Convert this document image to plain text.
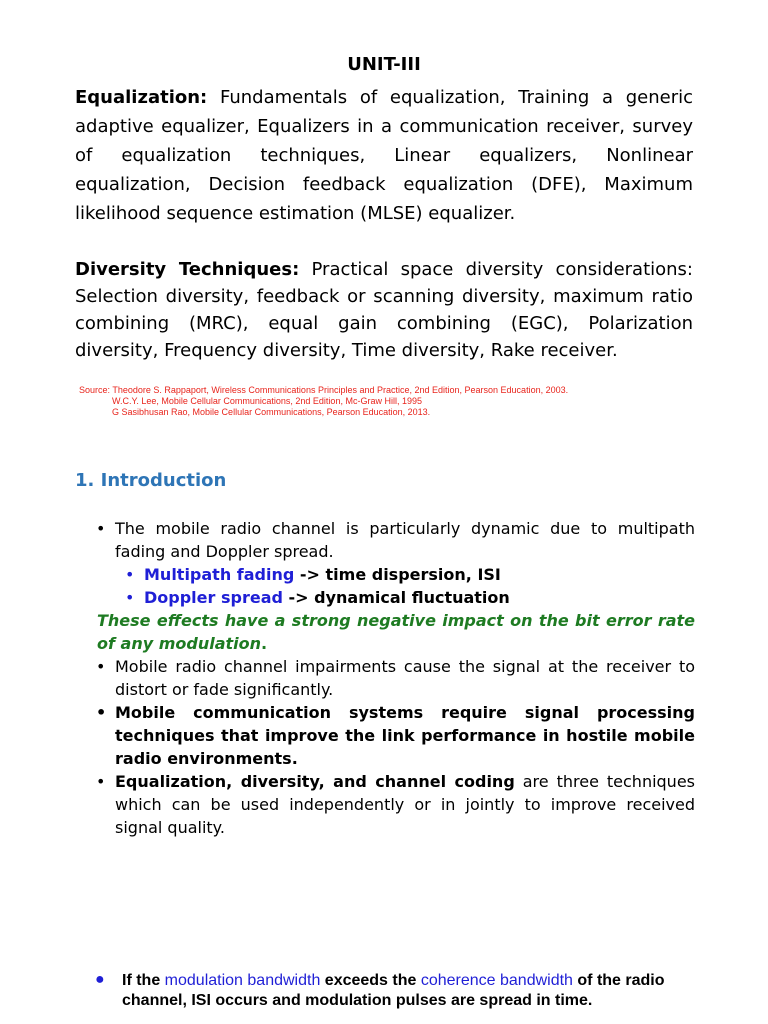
UNIT-III
Equalization: Fundamentals of equalization, Training a generic adaptive equalizer, Equalizers in a communication receiver, survey of equalization techniques, Linear equalizers, Nonlinear equalization, Decision feedback equalization (DFE), Maximum likelihood sequence estimation (MLSE) equalizer.
Diversity Techniques: Practical space diversity considerations: Selection diversity, feedback or scanning diversity, maximum ratio combining (MRC), equal gain combining (EGC), Polarization diversity, Frequency diversity, Time diversity, Rake receiver.
Source: Theodore S. Rappaport, Wireless Communications Principles and Practice, 2nd Edition, Pearson Education, 2003.
W.C.Y. Lee, Mobile Cellular Communications, 2nd Edition, Mc-Graw Hill, 1995
G Sasibhusan Rao, Mobile Cellular Communications, Pearson Education, 2013.
1. Introduction
• The mobile radio channel is particularly dynamic due to multipath fading and Doppler spread.
• Multipath fading -> time dispersion, ISI
• Doppler spread -> dynamical fluctuation
These effects have a strong negative impact on the bit error rate of any modulation.
• Mobile radio channel impairments cause the signal at the receiver to distort or fade significantly.
• Mobile communication systems require signal processing techniques that improve the link performance in hostile mobile radio environments.
• Equalization, diversity, and channel coding are three techniques which can be used independently or in jointly to improve received signal quality.
●	If the modulation bandwidth exceeds the coherence bandwidth of the radio channel, ISI occurs and modulation pulses are spread in time.
